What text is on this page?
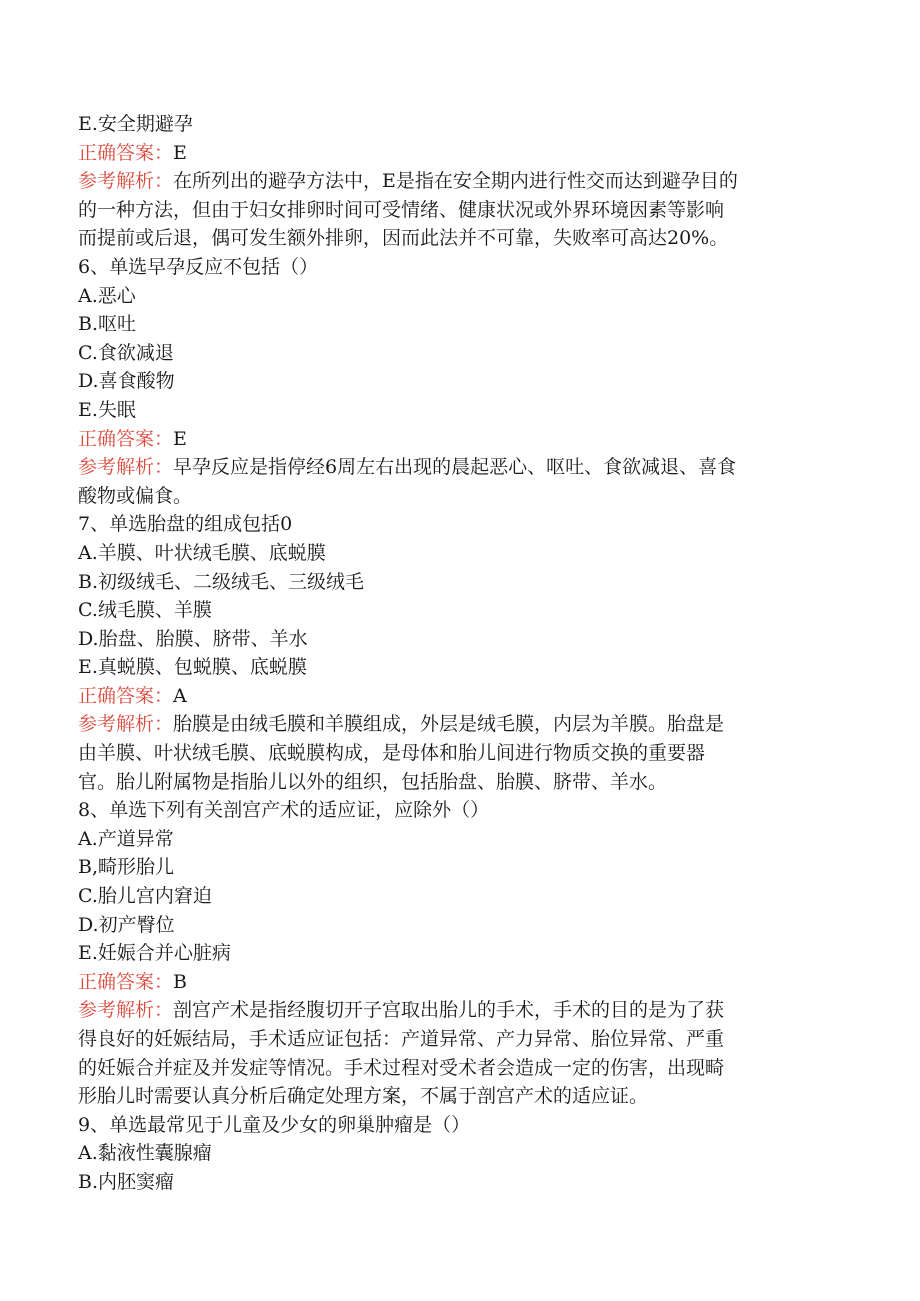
E.安全期避孕
正确答案：E
参考解析：在所列出的避孕方法中，E是指在安全期内进行性交而达到避孕目的
的一种方法，但由于妇女排卵时间可受情绪、健康状况或外界环境因素等影响
而提前或后退，偶可发生额外排卵，因而此法并不可靠，失败率可高达20%。
6、单选早孕反应不包括（）
A.恶心
B.呕吐
C.食欲减退
D.喜食酸物
E.失眠
正确答案：E
参考解析：早孕反应是指停经6周左右出现的晨起恶心、呕吐、食欲减退、喜食
酸物或偏食。
7、单选胎盘的组成包括0
A.羊膜、叶状绒毛膜、底蜕膜
B.初级绒毛、二级绒毛、三级绒毛
C.绒毛膜、羊膜
D.胎盘、胎膜、脐带、羊水
E.真蜕膜、包蜕膜、底蜕膜
正确答案：A
参考解析：胎膜是由绒毛膜和羊膜组成，外层是绒毛膜，内层为羊膜。胎盘是
由羊膜、叶状绒毛膜、底蜕膜构成，是母体和胎儿间进行物质交换的重要器
官。胎儿附属物是指胎儿以外的组织，包括胎盘、胎膜、脐带、羊水。
8、单选下列有关剖宫产术的适应证，应除外（）
A.产道异常
B,畸形胎儿
C.胎儿宫内窘迫
D.初产臀位
E.妊娠合并心脏病
正确答案：B
参考解析：剖宫产术是指经腹切开子宫取出胎儿的手术，手术的目的是为了获
得良好的妊娠结局，手术适应证包括：产道异常、产力异常、胎位异常、严重
的妊娠合并症及并发症等情况。手术过程对受术者会造成一定的伤害，出现畸
形胎儿时需要认真分析后确定处理方案，不属于剖宫产术的适应证。
9、单选最常见于儿童及少女的卵巢肿瘤是（）
A.黏液性囊腺瘤
B.内胚窦瘤
